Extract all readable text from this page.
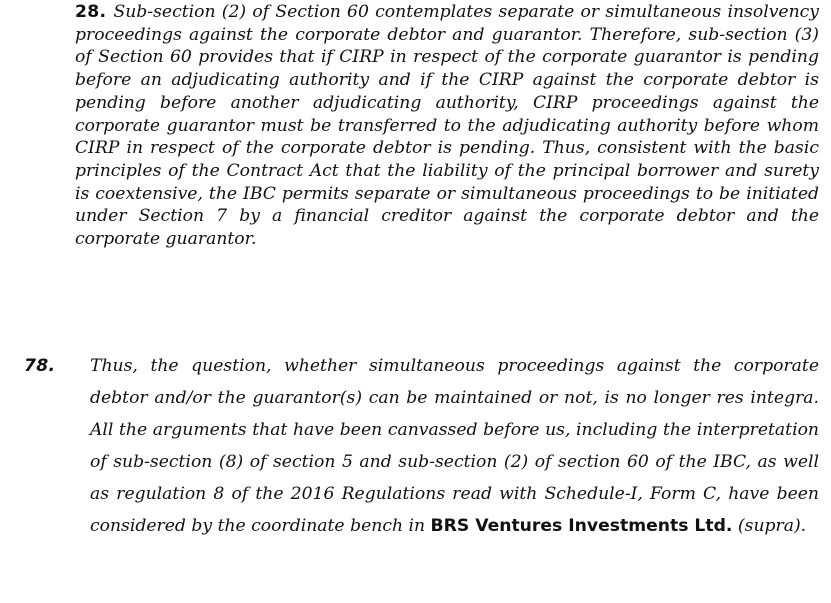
28. Sub-section (2) of Section 60 contemplates separate or simultaneous insolvency proceedings against the corporate debtor and guarantor. Therefore, sub-section (3) of Section 60 provides that if CIRP in respect of the corporate guarantor is pending before an adjudicating authority and if the CIRP against the corporate debtor is pending before another adjudicating authority, CIRP proceedings against the corporate guarantor must be transferred to the adjudicating authority before whom CIRP in respect of the corporate debtor is pending. Thus, consistent with the basic principles of the Contract Act that the liability of the principal borrower and surety is coextensive, the IBC permits separate or simultaneous proceedings to be initiated under Section 7 by a financial creditor against the corporate debtor and the corporate guarantor.
78. Thus, the question, whether simultaneous proceedings against the corporate debtor and/or the guarantor(s) can be maintained or not, is no longer res integra. All the arguments that have been canvassed before us, including the interpretation of sub-section (8) of section 5 and sub-section (2) of section 60 of the IBC, as well as regulation 8 of the 2016 Regulations read with Schedule-I, Form C, have been considered by the coordinate bench in BRS Ventures Investments Ltd. (supra).
